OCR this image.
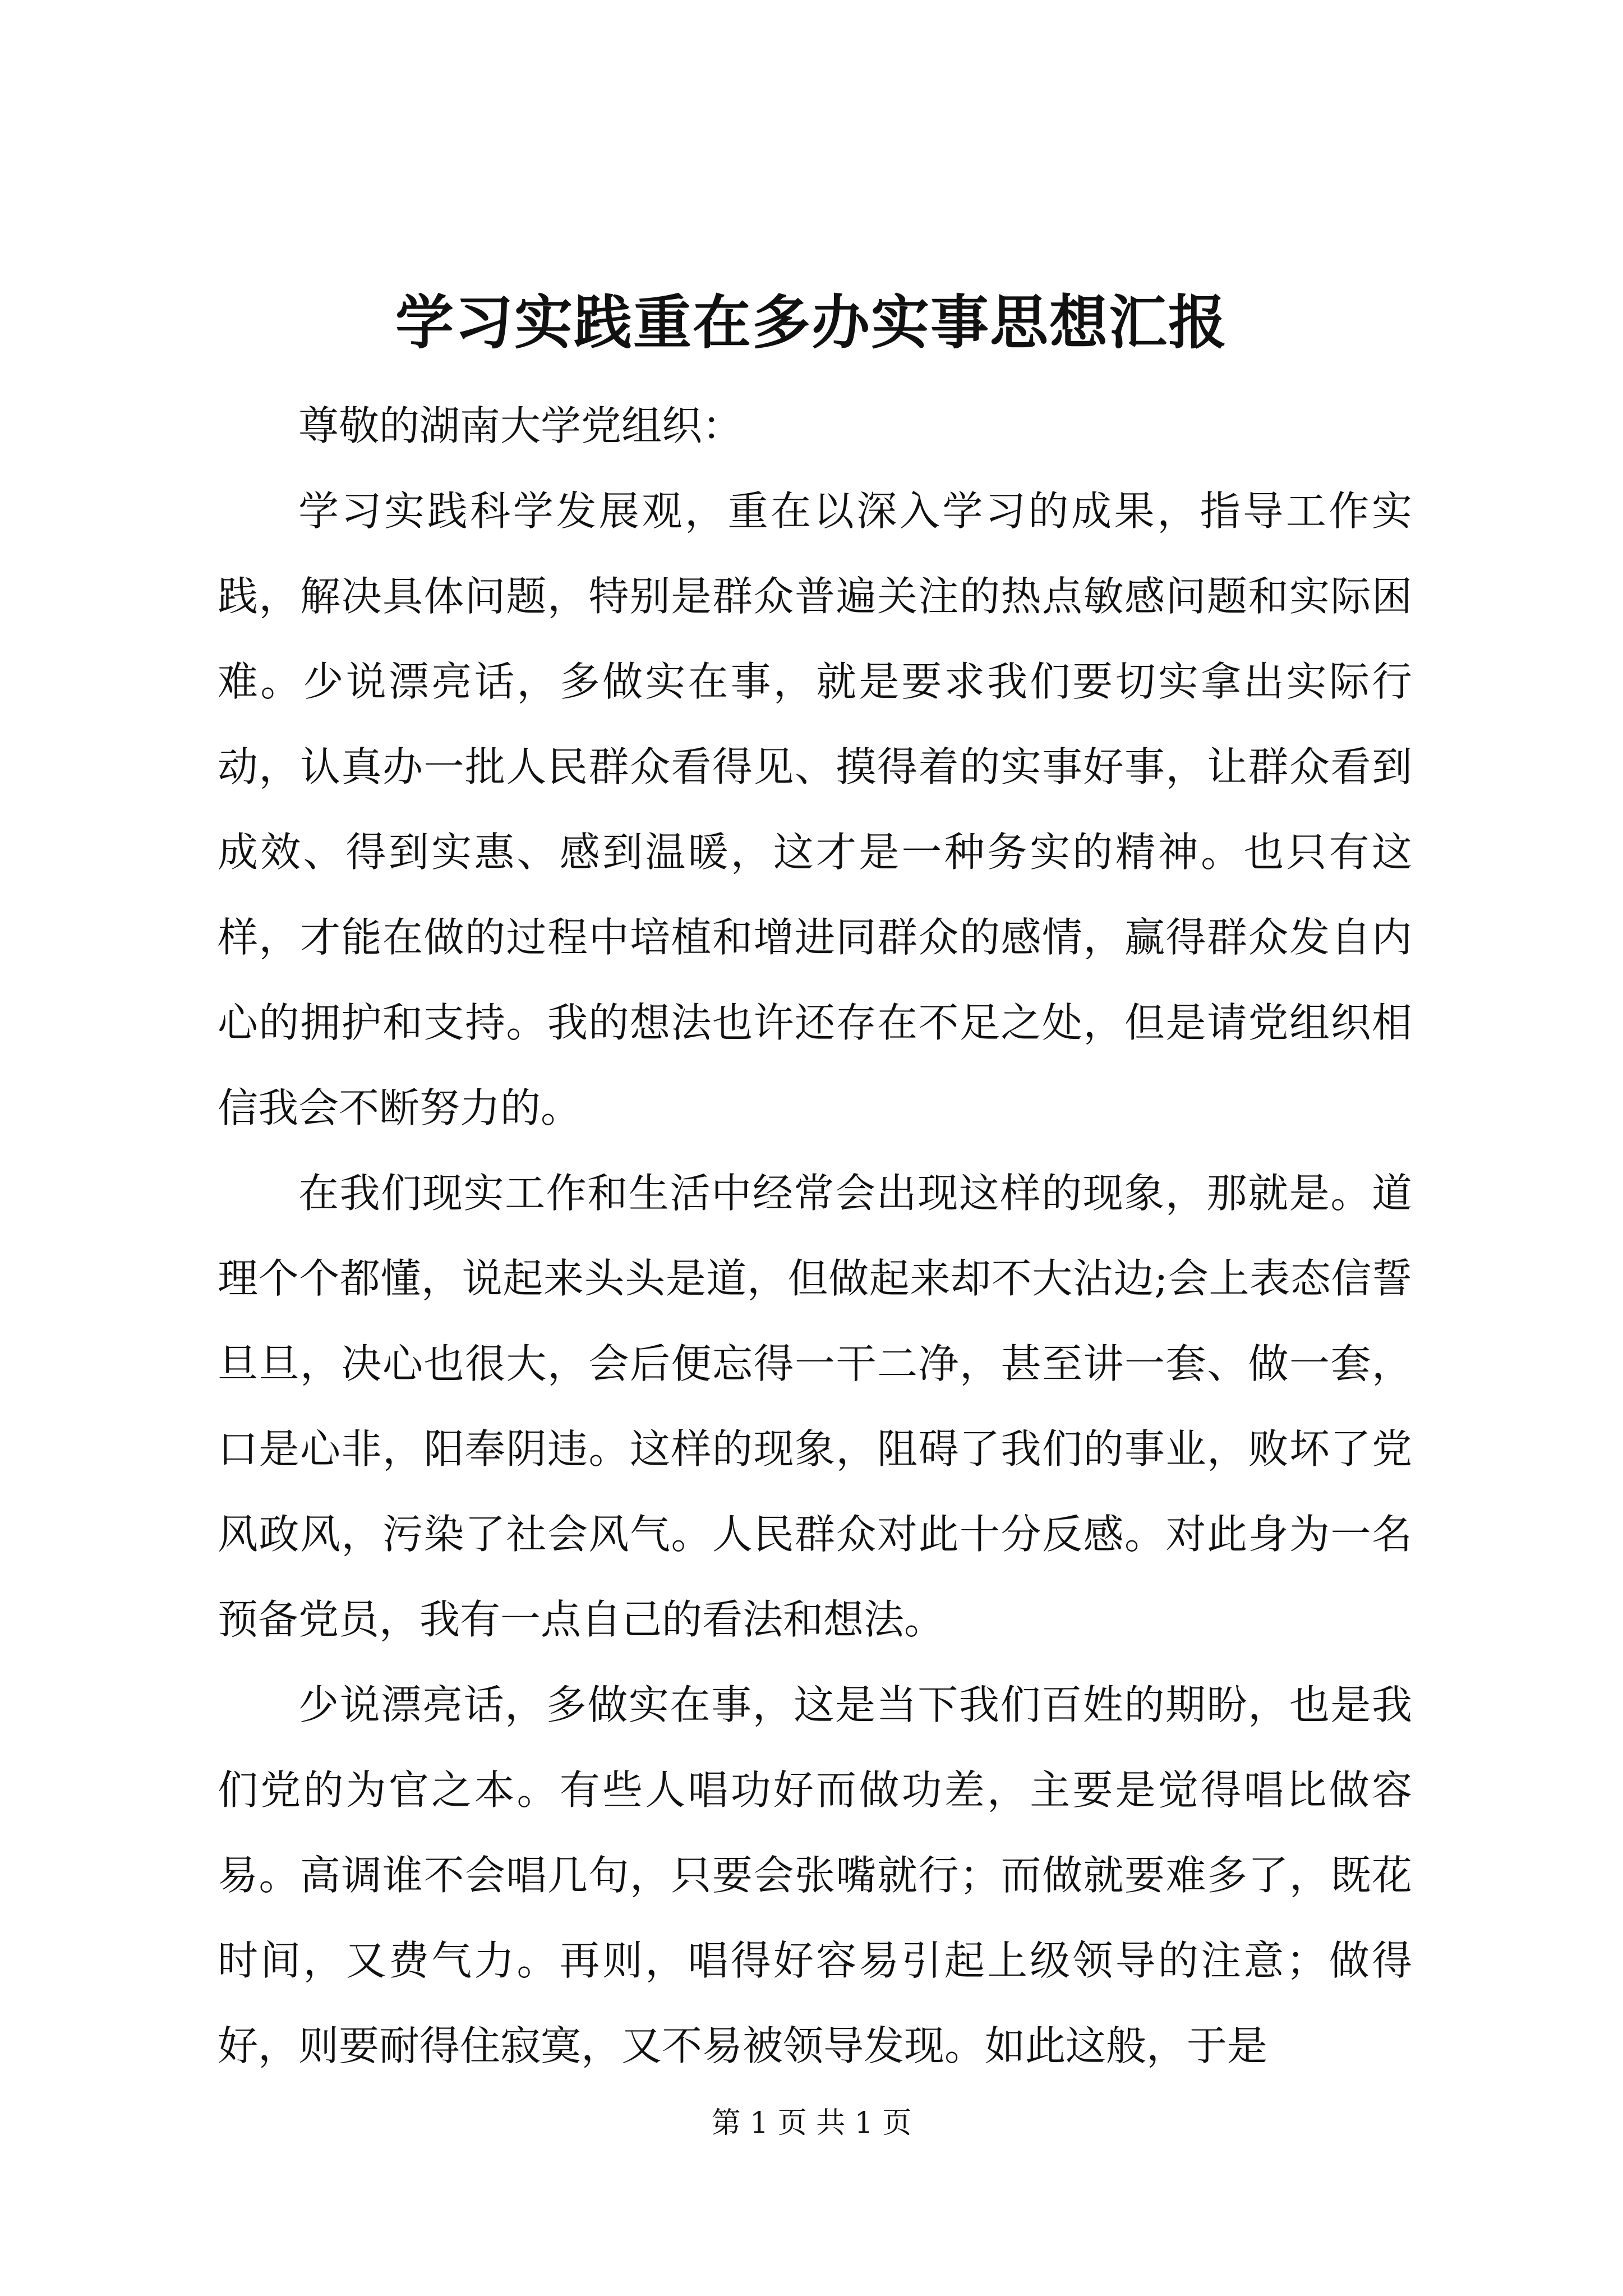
学习实践重在多办实事思想汇报

尊敬的湖南大学党组织：

学习实践科学发展观，重在以深入学习的成果，指导工作实践，解决具体问题，特别是群众普遍关注的热点敏感问题和实际困难。少说漂亮话，多做实在事，就是要求我们要切实拿出实际行动，认真办一批人民群众看得见、摸得着的实事好事，让群众看到成效、得到实惠、感到温暖，这才是一种务实的精神。也只有这样，才能在做的过程中培植和增进同群众的感情，赢得群众发自内心的拥护和支持。我的想法也许还存在不足之处，但是请党组织相信我会不断努力的。

在我们现实工作和生活中经常会出现这样的现象，那就是。道理个个都懂，说起来头头是道，但做起来却不大沾边;会上表态信誓旦旦，决心也很大，会后便忘得一干二净，甚至讲一套、做一套，口是心非，阳奉阴违。这样的现象，阻碍了我们的事业，败坏了党风政风，污染了社会风气。人民群众对此十分反感。对此身为一名预备党员，我有一点自己的看法和想法。

少说漂亮话，多做实在事，这是当下我们百姓的期盼，也是我们党的为官之本。有些人唱功好而做功差，主要是觉得唱比做容易。高调谁不会唱几句，只要会张嘴就行；而做就要难多了，既花时间，又费气力。再则，唱得好容易引起上级领导的注意；做得好，则要耐得住寂寞，又不易被领导发现。如此这般，于是

第 1 页 共 1 页
